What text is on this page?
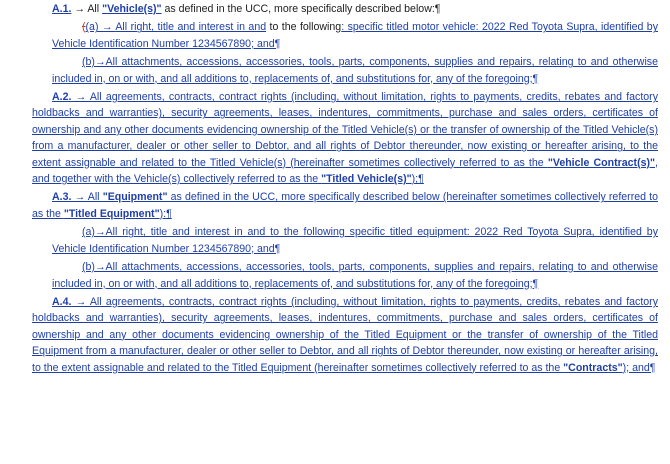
A.1. → All "Vehicle(s)" as defined in the UCC, more specifically described below:¶

((a) → All right, title and interest in and to the following: specific titled motor vehicle: 2022 Red Toyota Supra, identified by Vehicle Identification Number 1234567890; and¶

(b)→All attachments, accessions, accessories, tools, parts, components, supplies and repairs, relating to and otherwise included in, on or with, and all additions to, replacements of, and substitutions for, any of the foregoing;¶

A.2. → All agreements, contracts, contract rights (including, without limitation, rights to payments, credits, rebates and factory holdbacks and warranties), security agreements, leases, indentures, commitments, purchase and sales orders, certificates of ownership and any other documents evidencing ownership of the Titled Vehicle(s) or the transfer of ownership of the Titled Vehicle(s) from a manufacturer, dealer or other seller to Debtor, and all rights of Debtor thereunder, now existing or hereafter arising, to the extent assignable and related to the Titled Vehicle(s) (hereinafter sometimes collectively referred to as the "Vehicle Contract(s)", and together with the Vehicle(s) collectively referred to as the "Titled Vehicle(s)");¶

A.3. → All "Equipment" as defined in the UCC, more specifically described below (hereinafter sometimes collectively referred to as the "Titled Equipment"):¶

(a)→All right, title and interest in and to the following specific titled equipment: 2022 Red Toyota Supra, identified by Vehicle Identification Number 1234567890; and¶

(b)→All attachments, accessions, accessories, tools, parts, components, supplies and repairs, relating to and otherwise included in, on or with, and all additions to, replacements of, and substitutions for, any of the foregoing;¶

A.4. → All agreements, contracts, contract rights (including, without limitation, rights to payments, credits, rebates and factory holdbacks and warranties), security agreements, leases, indentures, commitments, purchase and sales orders, certificates of ownership and any other documents evidencing ownership of the Titled Equipment or the transfer of ownership of the Titled Equipment from a manufacturer, dealer or other seller to Debtor, and all rights of Debtor thereunder, now existing or hereafter arising, to the extent assignable and related to the Titled Equipment (hereinafter sometimes collectively referred to as the "Contracts"); and¶
